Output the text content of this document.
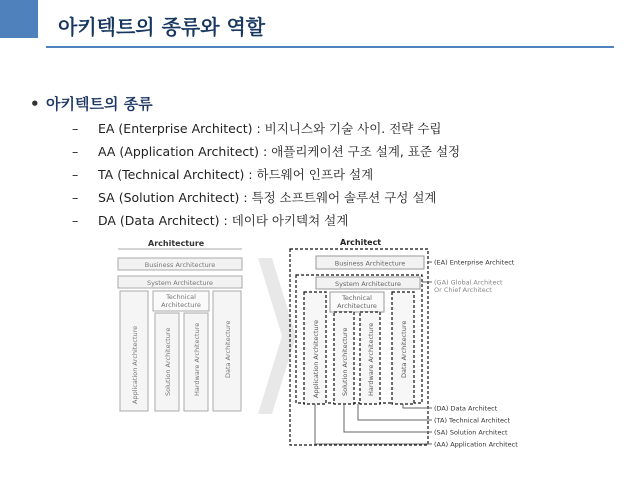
아키텍트의 종류와 역할
• 아키텍트의 종류
– EA (Enterprise Architect) : 비지니스와 기술 사이. 전략 수립
– AA (Application Architect) : 애플리케이션 구조 설계, 표준 설정
– TA (Technical Architect) : 하드웨어 인프라 설계
– SA (Solution Architect) : 특정 소프트웨어 솔루션 구성 설계
– DA (Data Architect) : 데이타 아키텍쳐 설계
Architecture
Business Architecture
System Architecture
Technical
Architecture
Application Architecture	Solution Architecture	Hardware Architecture	Data Architecture
Architect
Business Architecture
System Architecture
Technical
Architecture
Application Architecture	Solution Architecture	Hardware Architecture	Data Architecture
(EA) Enterprise Architect
(GA) Global Architect
Or Chief Architect
(DA) Data Architect
(TA) Technical Architect
(SA) Solution Architect
(AA) Application Architect
